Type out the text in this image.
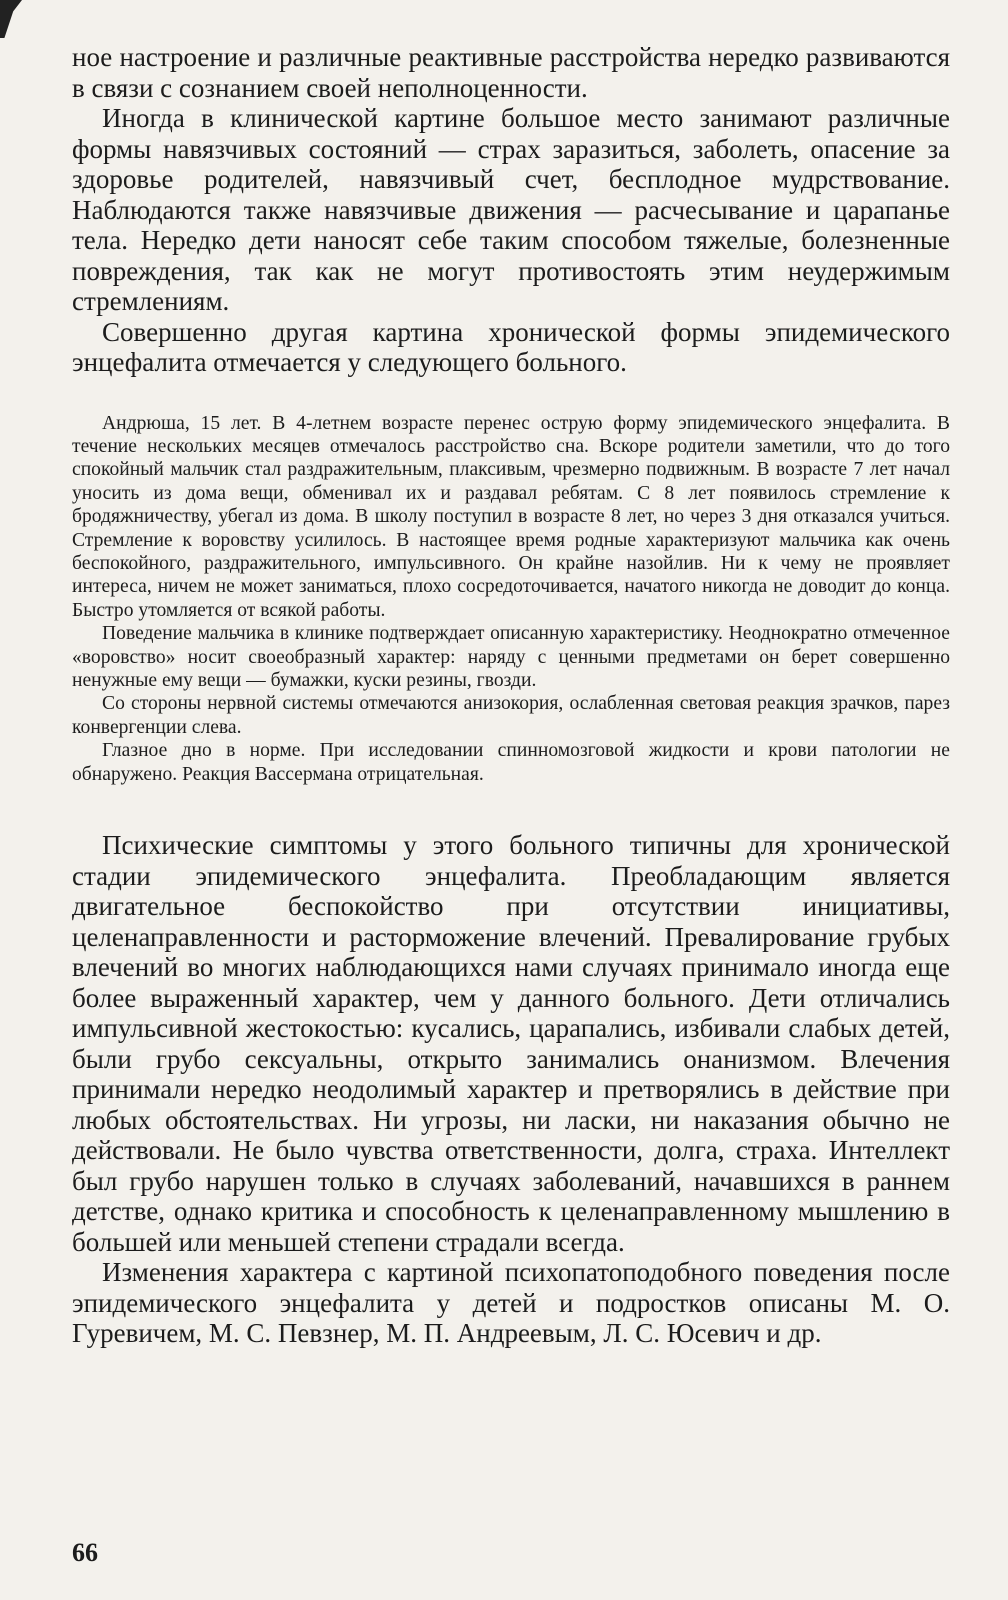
ное настроение и различные реактивные расстройства нередко развиваются в связи с сознанием своей неполноценности.

Иногда в клинической картине большое место занимают различные формы навязчивых состояний — страх заразиться, заболеть, опасение за здоровье родителей, навязчивый счет, бесплодное мудрствование. Наблюдаются также навязчивые движения — расчесывание и царапанье тела. Нередко дети наносят себе таким способом тяжелые, болезненные повреждения, так как не могут противостоять этим неудержимым стремлениям.

Совершенно другая картина хронической формы эпидемического энцефалита отмечается у следующего больного.

Андрюша, 15 лет. В 4-летнем возрасте перенес острую форму эпидемического энцефалита. В течение нескольких месяцев отмечалось расстройство сна. Вскоре родители заметили, что до того спокойный мальчик стал раздражительным, плаксивым, чрезмерно подвижным. В возрасте 7 лет начал уносить из дома вещи, обменивал их и раздавал ребятам. С 8 лет появилось стремление к бродяжничеству, убегал из дома. В школу поступил в возрасте 8 лет, но через 3 дня отказался учиться. Стремление к воровству усилилось. В настоящее время родные характеризуют мальчика как очень беспокойного, раздражительного, импульсивного. Он крайне назойлив. Ни к чему не проявляет интереса, ничем не может заниматься, плохо сосредоточивается, начатого никогда не доводит до конца. Быстро утомляется от всякой работы.

Поведение мальчика в клинике подтверждает описанную характеристику. Неоднократно отмеченное «воровство» носит своеобразный характер: наряду с ценными предметами он берет совершенно ненужные ему вещи — бумажки, куски резины, гвозди.

Со стороны нервной системы отмечаются анизокория, ослабленная световая реакция зрачков, парез конвергенции слева.

Глазное дно в норме. При исследовании спинномозговой жидкости и крови патологии не обнаружено. Реакция Вассермана отрицательная.

Психические симптомы у этого больного типичны для хронической стадии эпидемического энцефалита. Преобладающим является двигательное беспокойство при отсутствии инициативы, целенаправленности и расторможение влечений. Превалирование грубых влечений во многих наблюдающихся нами случаях принимало иногда еще более выраженный характер, чем у данного больного. Дети отличались импульсивной жестокостью: кусались, царапались, избивали слабых детей, были грубо сексуальны, открыто занимались онанизмом. Влечения принимали нередко неодолимый характер и претворялись в действие при любых обстоятельствах. Ни угрозы, ни ласки, ни наказания обычно не действовали. Не было чувства ответственности, долга, страха. Интеллект был грубо нарушен только в случаях заболеваний, начавшихся в раннем детстве, однако критика и способность к целенаправленному мышлению в большей или меньшей степени страдали всегда.

Изменения характера с картиной психопатоподобного поведения после эпидемического энцефалита у детей и подростков описаны М. О. Гуревичем, М. С. Певзнер, М. П. Андреевым, Л. С. Юсевич и др.

66
